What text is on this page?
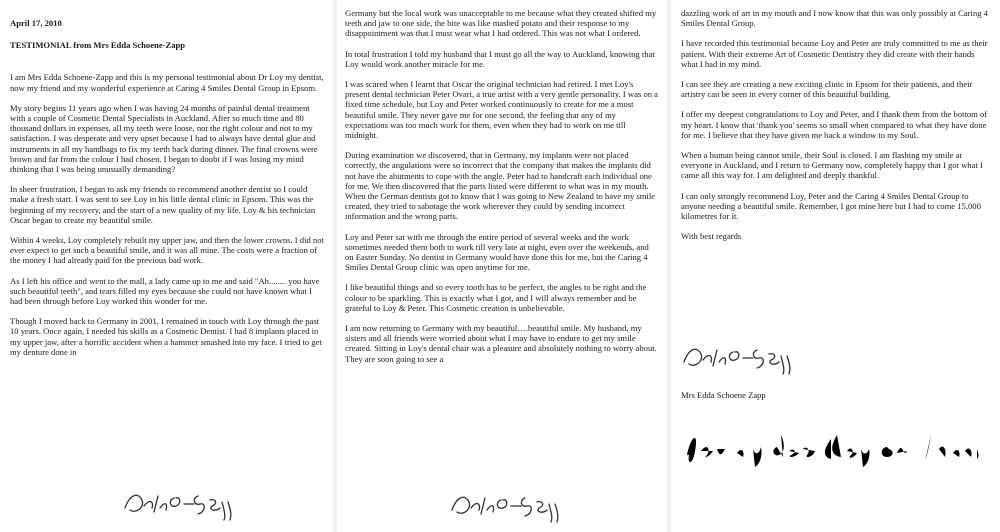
April 17, 2010
TESTIMONIAL from Mrs Edda Schoene-Zapp

I am Mrs Edda Schoene-Zapp and this is my personal testimonial about Dr Loy my dentist, now my friend and my wonderful experience at Caring 4 Smiles Dental Group in Epsom.

My story begins 11 years ago when I was having 24 months of painful dental treatment with a couple of Cosmetic Dental Specialists in Auckland. After so much time and 80 thousand dollars in expenses, all my teeth were loose, not the right colour and not to my satisfaction. I was desperate and very upset because I had to always have dental glue and instruments in all my handbags to fix my teeth back during dinner. The final crowns were brown and far from the colour I had chosen. I began to doubt if I was losing my mind thinking that I was being unusually demanding?

In sheer frustration, I began to ask my friends to recommend another dentist so I could make a fresh start. I was sent to see Loy in his little dental clinic in Epsom. This was the beginning of my recovery, and the start of a new quality of my life. Loy & his technician Oscar began to create my beautiful smile.

Within 4 weeks, Loy completely rebuilt my upper jaw, and then the lower crowns. I did not ever expect to get such a beautiful smile, and it was all mine. The costs were a fraction of the money I had already paid for the previous bad work.

As I left his office and went to the mall, a lady came up to me and said "Ah........ you have such beautiful teeth", and tears filled my eyes because she could not have known what I had been through before Loy worked this wonder for me.

Though I moved back to Germany in 2001, I remained in touch with Loy through the past 10 years. Once again, I needed his skills as a Cosmetic Dentist. I had 8 implants placed in my upper jaw, after a horrific accident when a hammer smashed into my face. I tried to get my denture done in

Germany but the local work was unacceptable to me because what they created shifted my teeth and jaw to one side, the bite was like mashed potato and their response to my disappointment was that I must wear what I had ordered. This was not what I ordered.

In total frustration I told my husband that I must go all the way to Auckland, knowing that Loy would work another miracle for me.

I was scared when I learnt that Oscar the original technician had retired. I met Loy's present dental technician Peter Ovari, a true artist with a very gentle personality. I was on a fixed time schedule, but Loy and Peter worked continuously to create for me a most beautiful smile. They never gave me for one second, the feeling that any of my expectations was too much work for them, even when they had to work on me till midnight.

During examination we discovered, that in Germany, my implants were not placed correctly, the angulations were so incorrect that the company that makes the implants did not have the abutments to cope with the angle. Peter had to handcraft each individual one for me. We then discovered that the parts listed were different to what was in my mouth. When the German dentists got to know that I was going to New Zealand to have my smile created, they tried to sabotage the work wherever they could by sending incorrect information and the wrong parts.

Loy and Peter sat with me through the entire period of several weeks and the work sometimes needed them both to work till very late at night, even over the weekends, and on Easter Sunday. No dentist in Germany would have done this for me, but the Caring 4 Smiles Dental Group clinic was open anytime for me.

I like beautiful things and so every tooth has to be perfect, the angles to be right and the colour to be sparkling. This is exactly what I got, and I will always remember and be grateful to Loy & Peter. This Cosmetic creation is unbelievable.

I am now returning to Germany with my beautiful….beautiful smile. My husband, my sisters and all friends were worried about what I may have to endure to get my smile created. Sitting in Loy's dental chair was a pleasure and absolutely nothing to worry about. They are soon going to see a

dazzling work of art in my mouth and I now know that this was only possibly at Caring 4 Smiles Dental Group.

I have recorded this testimonial because Loy and Peter are truly committed to me as their patient. With their extreme Art of Cosmetic Dentistry they did create with their hands what I had in my mind.

I can see they are creating a new exciting clinic in Epsom for their patients, and their artistry can be seen in every corner of this beautiful building.

I offer my deepest congratulations to Loy and Peter, and I thank them from the bottom of my heart. I know that 'thank you' seems so small when compared to what they have done for me. I believe that they have given me back a window to my Soul.

When a human being cannot smile, their Soul is closed. I am flashing my smile at everyone in Auckland, and I return to Germany now, completely happy that I got what I came all this way for. I am delighted and deeply thankful.

I can only strongly recommend Loy, Peter and the Caring 4 Smiles Dental Group to anyone needing a beautiful smile. Remember, I got mine here but I had to come 15,000 kilometres for it.

With best regards

Mrs Edda Schoene Zapp
